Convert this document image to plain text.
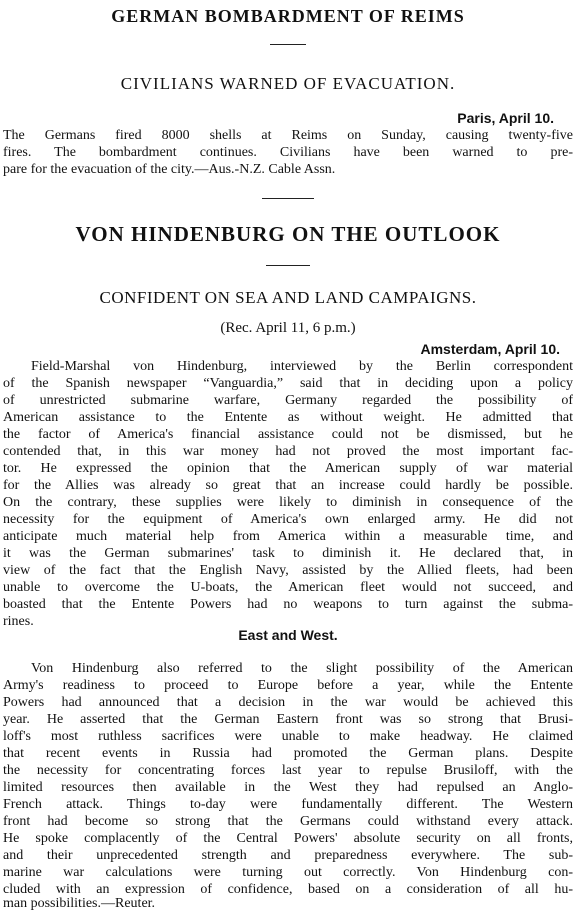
GERMAN BOMBARDMENT OF REIMS
CIVILIANS WARNED OF EVACUATION.
Paris, April 10.
The Germans fired 8000 shells at Reims on Sunday, causing twenty-five
fires. The bombardment continues. Civilians have been warned to pre-
pare for the evacuation of the city.—Aus.-N.Z. Cable Assn.
VON HINDENBURG ON THE OUTLOOK
CONFIDENT ON SEA AND LAND CAMPAIGNS.
(Rec. April 11, 6 p.m.)
Amsterdam, April 10.
Field-Marshal von Hindenburg, interviewed by the Berlin correspondent
of the Spanish newspaper “Vanguardia,” said that in deciding upon a policy
of unrestricted submarine warfare, Germany regarded the possibility of
American assistance to the Entente as without weight. He admitted that
the factor of America's financial assistance could not be dismissed, but he
contended that, in this war money had not proved the most important fac-
tor. He expressed the opinion that the American supply of war material
for the Allies was already so great that an increase could hardly be possible.
On the contrary, these supplies were likely to diminish in consequence of the
necessity for the equipment of America's own enlarged army. He did not
anticipate much material help from America within a measurable time, and
it was the German submarines' task to diminish it. He declared that, in
view of the fact that the English Navy, assisted by the Allied fleets, had been
unable to overcome the U-boats, the American fleet would not succeed, and
boasted that the Entente Powers had no weapons to turn against the subma-
rines.
East and West.
Von Hindenburg also referred to the slight possibility of the American
Army's readiness to proceed to Europe before a year, while the Entente
Powers had announced that a decision in the war would be achieved this
year. He asserted that the German Eastern front was so strong that Brusi-
loff's most ruthless sacrifices were unable to make headway. He claimed
that recent events in Russia had promoted the German plans. Despite
the necessity for concentrating forces last year to repulse Brusiloff, with the
limited resources then available in the West they had repulsed an Anglo-
French attack. Things to-day were fundamentally different. The Western
front had become so strong that the Germans could withstand every attack.
He spoke complacently of the Central Powers' absolute security on all fronts,
and their unprecedented strength and preparedness everywhere. The sub-
marine war calculations were turning out correctly. Von Hindenburg con-
cluded with an expression of confidence, based on a consideration of all hu-
man possibilities.—Reuter.
